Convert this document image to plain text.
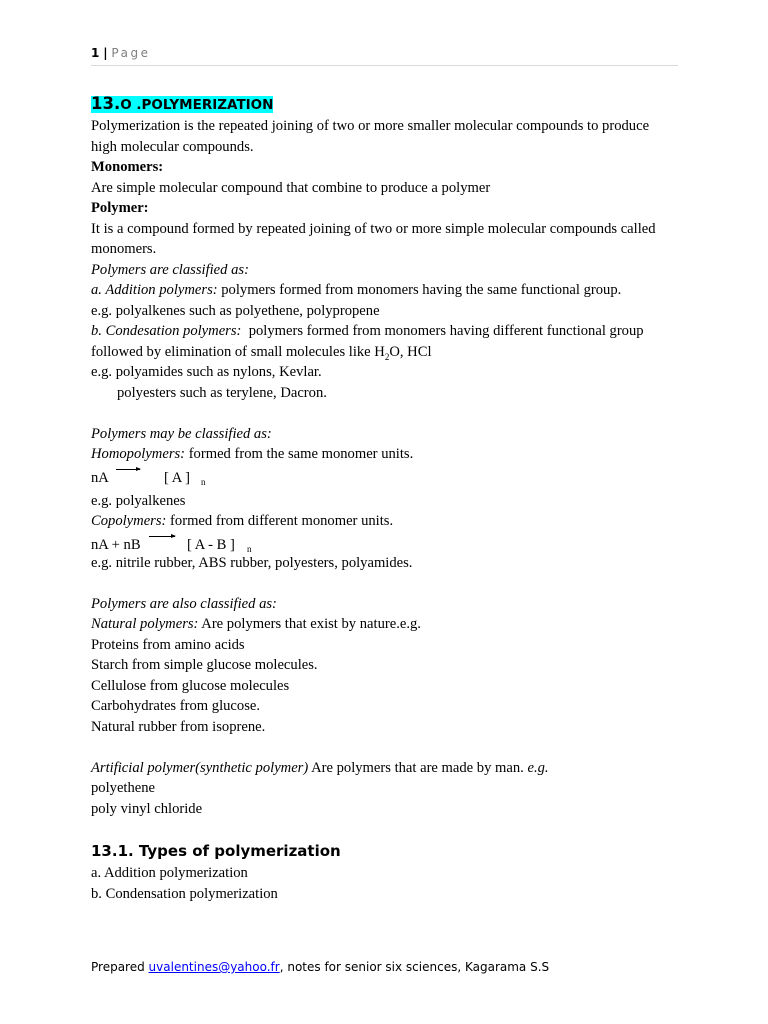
1 | Page
13.O .POLYMERIZATION
Polymerization is the repeated joining of two or more smaller molecular compounds to produce
high molecular compounds.
Monomers:
Are simple molecular compound that combine to produce a polymer
Polymer:
It is a compound formed by repeated joining of two or more simple molecular compounds called
monomers.
Polymers are classified as:
a. Addition polymers: polymers formed from monomers having the same functional group.
e.g. polyalkenes such as polyethene, polypropene
b. Condesation polymers:  polymers formed from monomers having different functional group
followed by elimination of small molecules like $H_2O$, HCl
e.g. polyamides such as nylons, Kevlar.
polyesters such as terylene, Dacron.
Polymers may be classified as:
Homopolymers: formed from the same monomer units.
nA	[ A ] n
e.g. polyalkenes
Copolymers: formed from different monomer units.
nA + nB	[ A - B ] n
e.g. nitrile rubber, ABS rubber, polyesters, polyamides.
Polymers are also classified as:
Natural polymers: Are polymers that exist by nature.e.g.
Proteins from amino acids
Starch from simple glucose molecules.
Cellulose from glucose molecules
Carbohydrates from glucose.
Natural rubber from isoprene.
Artificial polymer(synthetic polymer) Are polymers that are made by man. e.g.
polyethene
poly vinyl chloride
13.1. Types of polymerization
a. Addition polymerization
b. Condensation polymerization
Prepared uvalentines@yahoo.fr, notes for senior six sciences, Kagarama S.S
